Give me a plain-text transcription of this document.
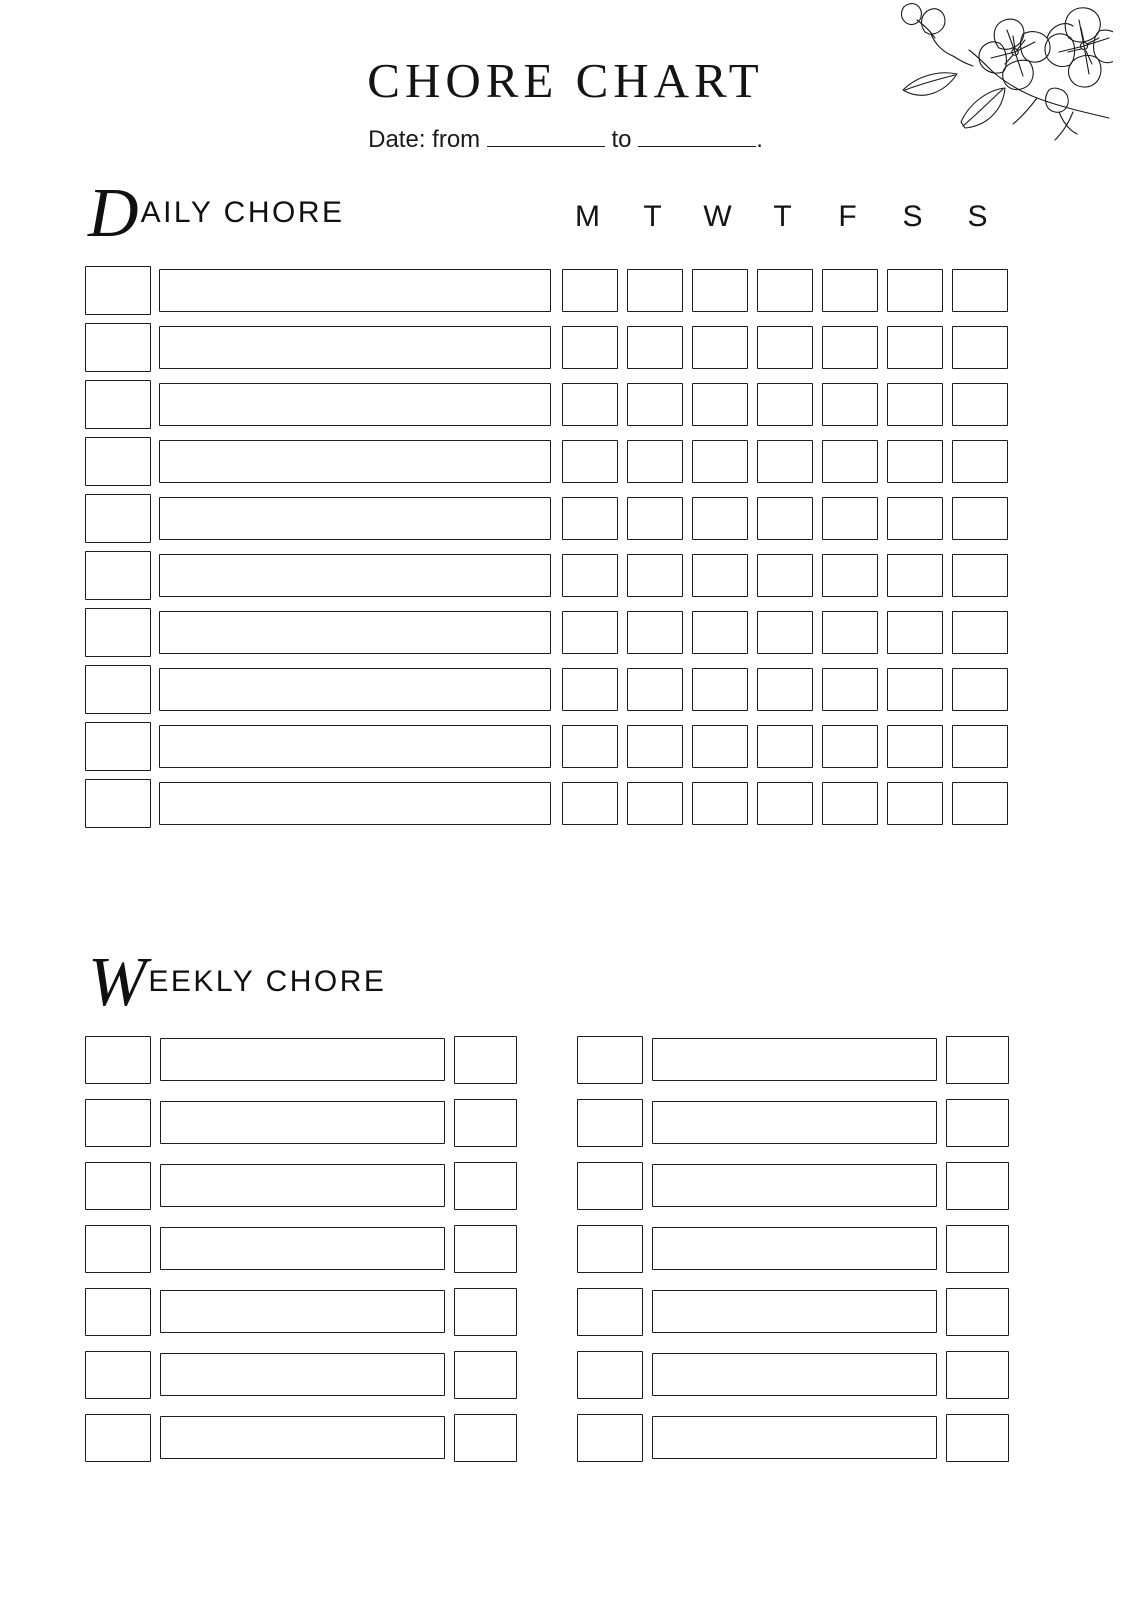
CHORE CHART
Date: from	to	.
DAILY CHORE	M	T	W	T	F	S	S
WEEKLY CHORE
